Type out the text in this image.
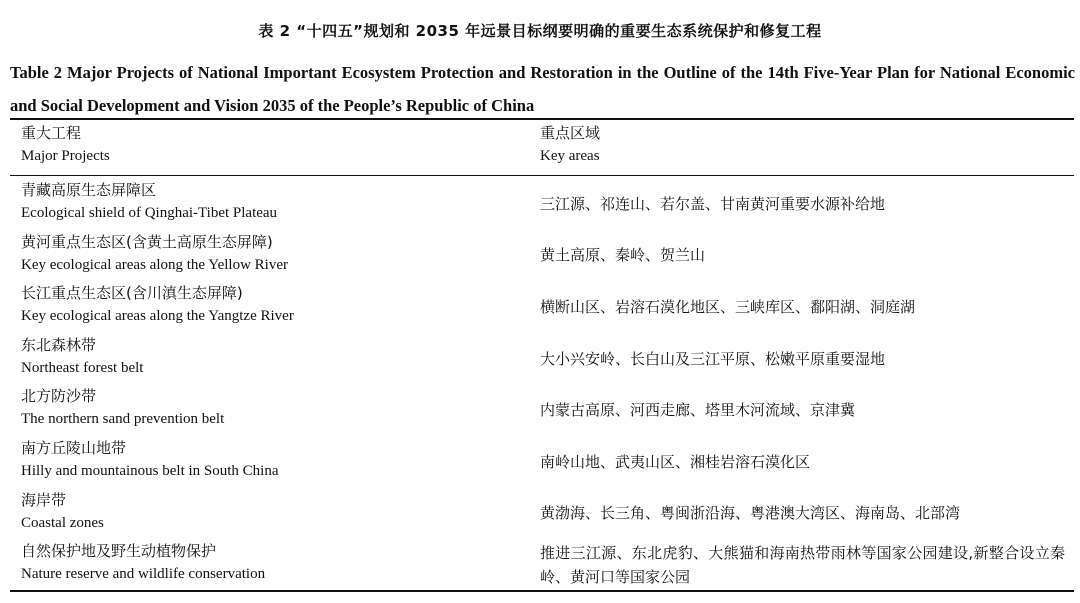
表 2 “十四五”规划和 2035 年远景目标纲要明确的重要生态系统保护和修复工程
Table 2 Major Projects of National Important Ecosystem Protection and Restoration in the Outline of the 14th Five-Year Plan for National Economic and Social Development and Vision 2035 of the People’s Republic of China
重大工程
Major Projects
重点区域
Key areas
青藏高原生态屏障区
Ecological shield of Qinghai-Tibet Plateau
三江源、祁连山、若尔盖、甘南黄河重要水源补给地
黄河重点生态区(含黄土高原生态屏障)
Key ecological areas along the Yellow River
黄土高原、秦岭、贺兰山
长江重点生态区(含川滇生态屏障)
Key ecological areas along the Yangtze River
横断山区、岩溶石漠化地区、三峡库区、鄱阳湖、洞庭湖
东北森林带
Northeast forest belt
大小兴安岭、长白山及三江平原、松嫩平原重要湿地
北方防沙带
The northern sand prevention belt
内蒙古高原、河西走廊、塔里木河流域、京津冀
南方丘陵山地带
Hilly and mountainous belt in South China
南岭山地、武夷山区、湘桂岩溶石漠化区
海岸带
Coastal zones
黄渤海、长三角、粤闽浙沿海、粤港澳大湾区、海南岛、北部湾
自然保护地及野生动植物保护
Nature reserve and wildlife conservation
推进三江源、东北虎豹、大熊猫和海南热带雨林等国家公园建设,新整合设立秦岭、黄河口等国家公园
